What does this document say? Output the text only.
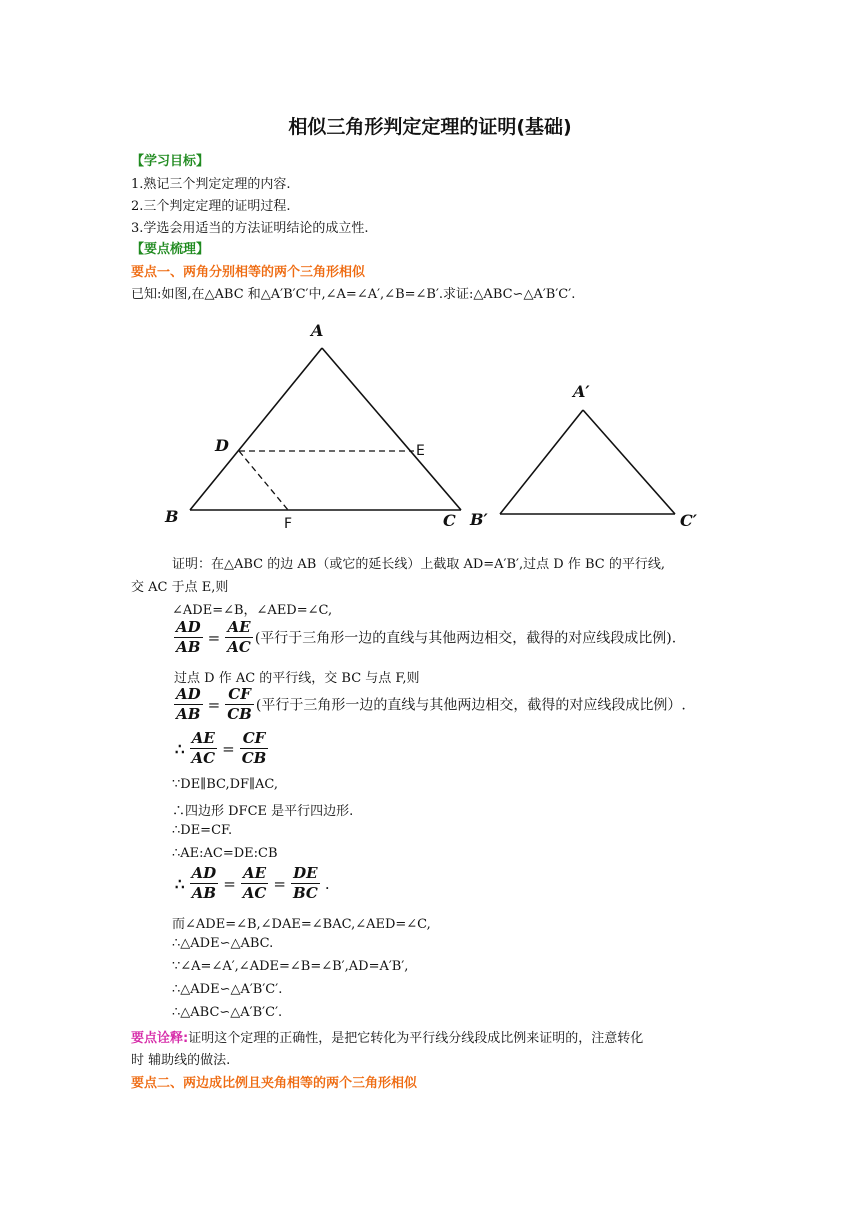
相似三角形判定定理的证明(基础)
【学习目标】
1.熟记三个判定定理的内容.
2.三个判定定理的证明过程.
3.学选会用适当的方法证明结论的成立性.
【要点梳理】
要点一、两角分别相等的两个三角形相似
已知:如图,在△ABC 和△A′B′C′中,∠A=∠A′,∠B=∠B′.求证:△ABC∽△A′B′C′.
A
D
B	C B′
A′
C′
E
F
证明：在△ABC 的边 AB（或它的延长线）上截取 AD=A′B′,过点 D 作 BC 的平行线,
交 AC 于点 E,则
∠ADE=∠B，∠AED=∠C,
$\frac{AD}{AB} = \frac{AE}{AC}$ (平行于三角形一边的直线与其他两边相交，截得的对应线段成比例).
过点 D 作 AC 的平行线，交 BC 与点 F,则
$\frac{AD}{AB} = \frac{CF}{CB}$ (平行于三角形一边的直线与其他两边相交，截得的对应线段成比例）.
∴ $\frac{AE}{AC} = \frac{CF}{CB}$
∵DE∥BC,DF∥AC,
∴四边形 DFCE 是平行四边形.
∴DE=CF.
∴AE:AC=DE:CB
∴ $\frac{AD}{AB} = \frac{AE}{AC} = \frac{DE}{BC}$ .
而∠ADE=∠B,∠DAE=∠BAC,∠AED=∠C,
∴△ADE∽△ABC.
∵∠A=∠A′,∠ADE=∠B=∠B′,AD=A′B′,
∴△ADE∽△A′B′C′.
∴△ABC∽△A′B′C′.
要点诠释:证明这个定理的正确性，是把它转化为平行线分线段成比例来证明的，注意转化
时 辅助线的做法.
要点二、两边成比例且夹角相等的两个三角形相似
